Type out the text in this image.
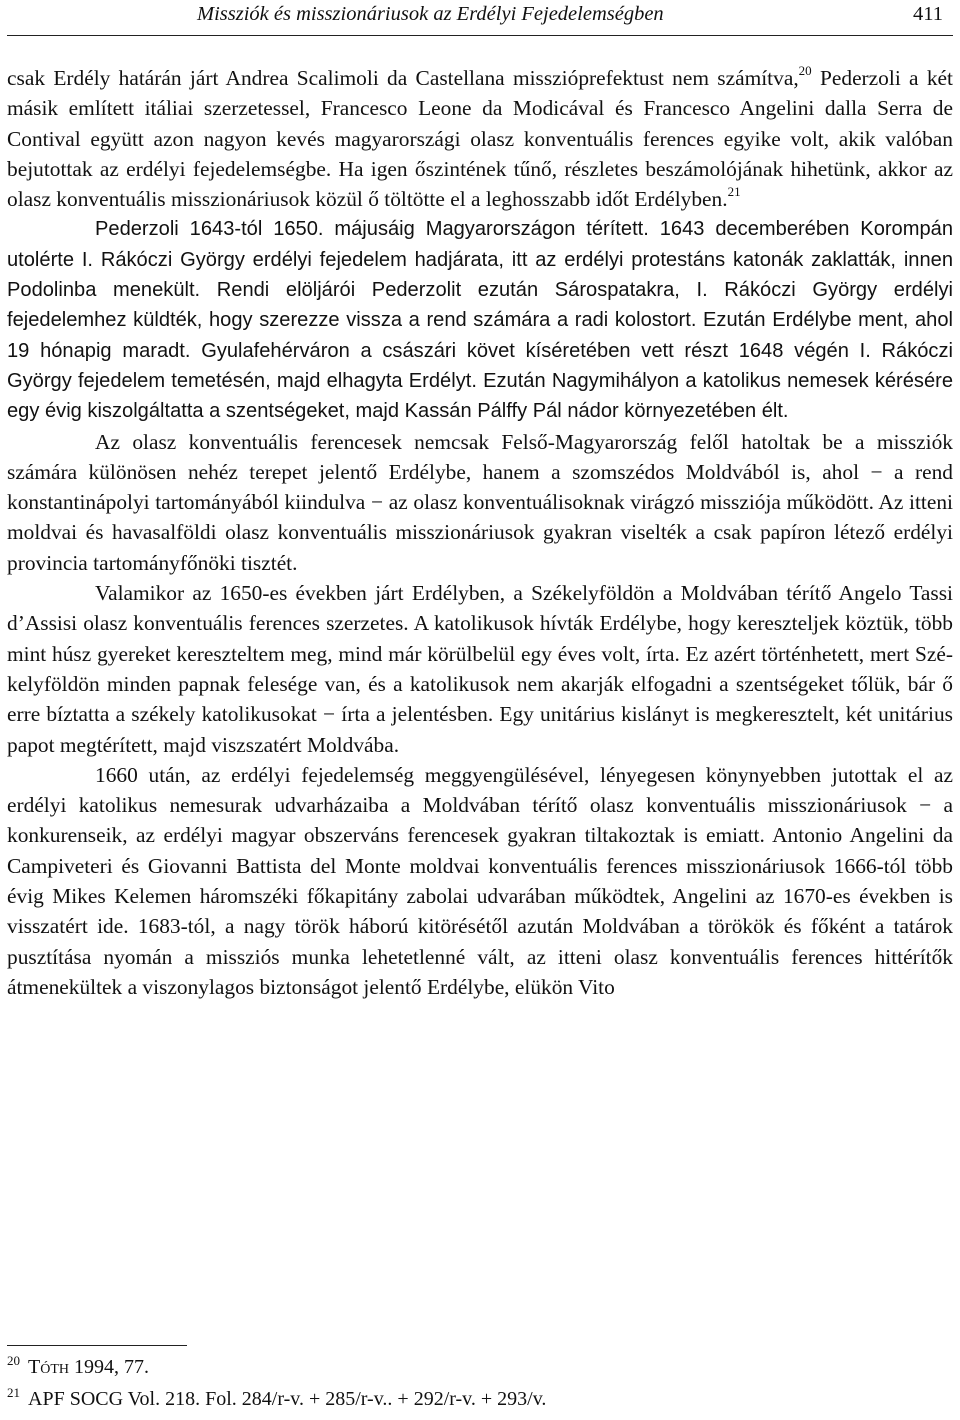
Missziók és misszionáriusok az Erdélyi Fejedelemségben	411

csak Erdély határán járt Andrea Scalimoli da Castellana misszióprefektust nem számítva,$^{20}$ Pederzoli a két másik említett itáliai szerzetessel, Francesco Leone da Modicával és Francesco Angelini dalla Serra de Contival együtt azon nagyon kevés magyarországi olasz konventuális ferences egyike volt, akik valóban bejutottak az erdélyi fejedelemségbe. Ha igen őszintének tűnő, részletes beszámolójának hihetünk, akkor az olasz konventuális misszionáriusok közül ő töltötte el a leghosszabb időt Erdélyben.$^{21}$

Pederzoli 1643-tól 1650. májusáig Magyarországon térített. 1643 decemberében Korompán utolérte I. Rákóczi György erdélyi fejedelem hadjárata, itt az erdélyi protestáns katonák zaklatták, innen Podolinba menekült. Rendi elöljárói Pederzolit ezután Sárospatakra, I. Rákóczi György erdélyi fejedelemhez küldték, hogy szerezze vissza a rend számára a radi kolostort. Ezután Erdélybe ment, ahol 19 hónapig maradt. Gyulafehérváron a császári követ kíséretében vett részt 1648 végén I. Rákóczi György fejedelem temetésén, majd elhagyta Erdélyt. Ezután Nagymihályon a katolikus nemesek kérésére egy évig kiszolgáltatta a szentségeket, majd Kassán Pálffy Pál nádor környezetében élt.

Az olasz konventuális ferencesek nemcsak Felső-Magyarország felől hatoltak be a missziók számára különösen nehéz terepet jelentő Erdélybe, hanem a szomszédos Moldvából is, ahol − a rend konstantinápolyi tartományából kiindulva − az olasz konventuálisoknak virágzó missziója működött. Az itteni moldvai és havasalföldi olasz konventuális misszionáriusok gyakran viselték a csak papíron létező erdélyi provincia tartományfőnöki tisztét.

Valamikor az 1650-es években járt Erdélyben, a Székelyföldön a Moldvában térítő Angelo Tassi d’Assisi olasz konventuális ferences szerzetes. A katolikusok hívták Erdélybe, hogy kereszteljek köztük, több mint húsz gyereket kereszteltem meg, mind már körülbelül egy éves volt, írta. Ez azért történhetett, mert Székelyföldön minden papnak felesége van, és a katolikusok nem akarják elfogadni a szentségeket tőlük, bár ő erre bíztatta a székely katolikusokat − írta a jelentésben. Egy unitárius kislányt is megkeresztelt, két unitárius papot megtérített, majd viszszatért Moldvába.

1660 után, az erdélyi fejedelemség meggyengülésével, lényegesen könynyebben jutottak el az erdélyi katolikus nemesurak udvarházaiba a Moldvában térítő olasz konventuális misszionáriusok − a konkurenseik, az erdélyi magyar obszerváns ferencesek gyakran tiltakoztak is emiatt. Antonio Angelini da Campiveteri és Giovanni Battista del Monte moldvai konventuális ferences misszionáriusok 1666-tól több évig Mikes Kelemen háromszéki főkapitány zabolai udvarában működtek, Angelini az 1670-es években is visszatért ide. 1683-tól, a nagy török háború kitörésétől azután Moldvában a törökök és főként a tatárok pusztítása nyomán a missziós munka lehetetlenné vált, az itteni olasz konventuális ferences hittérítők átmenekültek a viszonylagos biztonságot jelentő Erdélybe, elükön Vito

$^{20}$ Tóth 1994, 77.
$^{21}$ APF SOCG Vol. 218. Fol. 284/r-v. + 285/r-v.. + 292/r-v. + 293/v.
